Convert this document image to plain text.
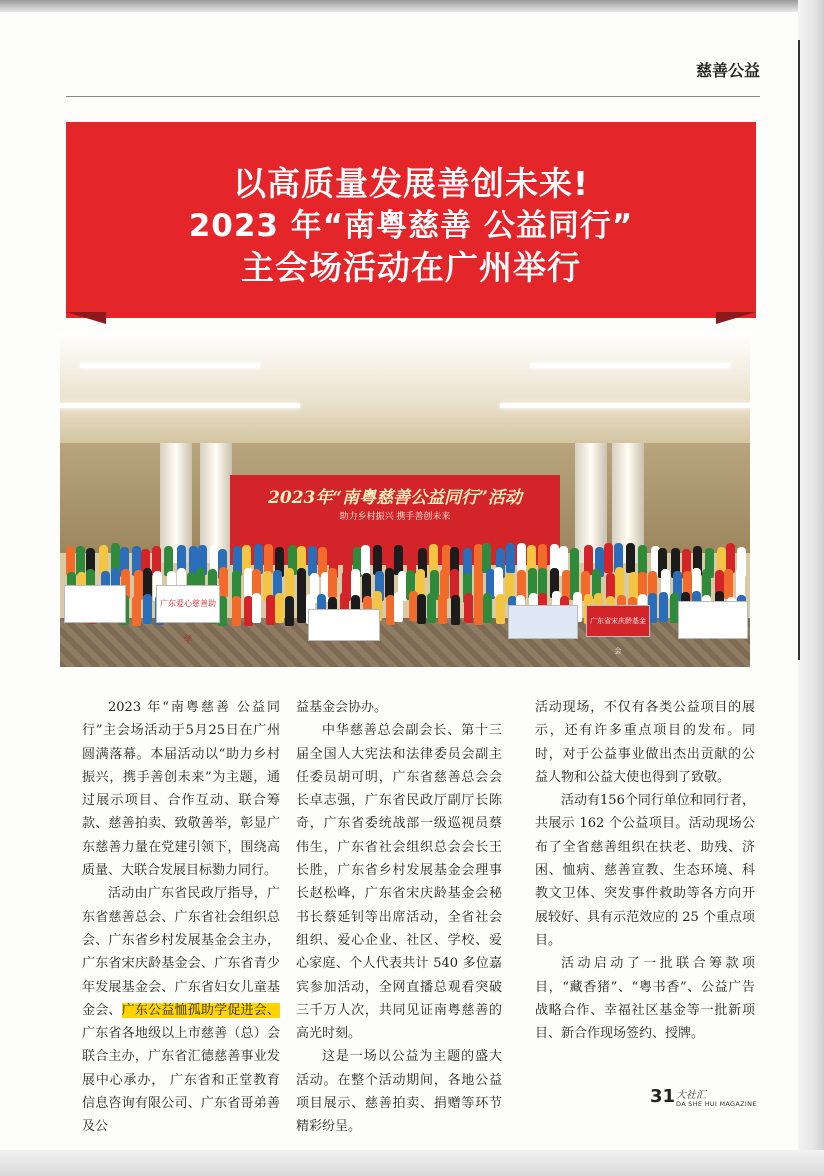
慈善公益
以高质量发展善创未来!
2023 年“南粤慈善 公益同行”
主会场活动在广州举行
2023年“南粤慈善公益同行”活动
助力乡村振兴 携手善创未来
广东爱心慈善助学
广东省宋庆龄基金会

2023 年“南粤慈善 公益同行”主会场活动于5月25日在广州圆满落幕。本届活动以“助力乡村振兴，携手善创未来”为主题，通过展示项目、合作互动、联合筹款、慈善拍卖、致敬善举，彰显广东慈善力量在党建引领下，围绕高质量、大联合发展目标勠力同行。

活动由广东省民政厅指导，广东省慈善总会、广东省社会组织总会、广东省乡村发展基金会主办，广东省宋庆龄基金会、广东省青少年发展基金会、广东省妇女儿童基金会、广东公益恤孤助学促进会、广东省各地级以上市慈善（总）会联合主办，广东省汇德慈善事业发展中心承办， 广东省和正堂教育信息咨询有限公司、广东省哥弟善及公

益基金会协办。

中华慈善总会副会长、第十三届全国人大宪法和法律委员会副主任委员胡可明，广东省慈善总会会长卓志强，广东省民政厅副厅长陈奇，广东省委统战部一级巡视员蔡伟生，广东省社会组织总会会长王长胜，广东省乡村发展基金会理事长赵松峰，广东省宋庆龄基金会秘书长蔡延钊等出席活动，全省社会组织、爱心企业、社区、学校、爱心家庭、个人代表共计 540 多位嘉宾参加活动，全网直播总观看突破三千万人次，共同见证南粤慈善的高光时刻。

这是一场以公益为主题的盛大活动。在整个活动期间，各地公益项目展示、慈善拍卖、捐赠等环节精彩纷呈。

活动现场，不仅有各类公益项目的展示，还有许多重点项目的发布。同时，对于公益事业做出杰出贡献的公益人物和公益大使也得到了致敬。

活动有156个同行单位和同行者，共展示 162 个公益项目。活动现场公布了全省慈善组织在扶老、助残、济困、恤病、慈善宣教、生态环境、科教文卫体、突发事件救助等各方向开展较好、具有示范效应的 25 个重点项目。

活动启动了一批联合筹款项目，“藏香猪”、“粤书香”、公益广告战略合作、幸福社区基金等一批新项目、新合作现场签约、授牌。

31 大社汇
DA SHE HUI MAGAZINE
